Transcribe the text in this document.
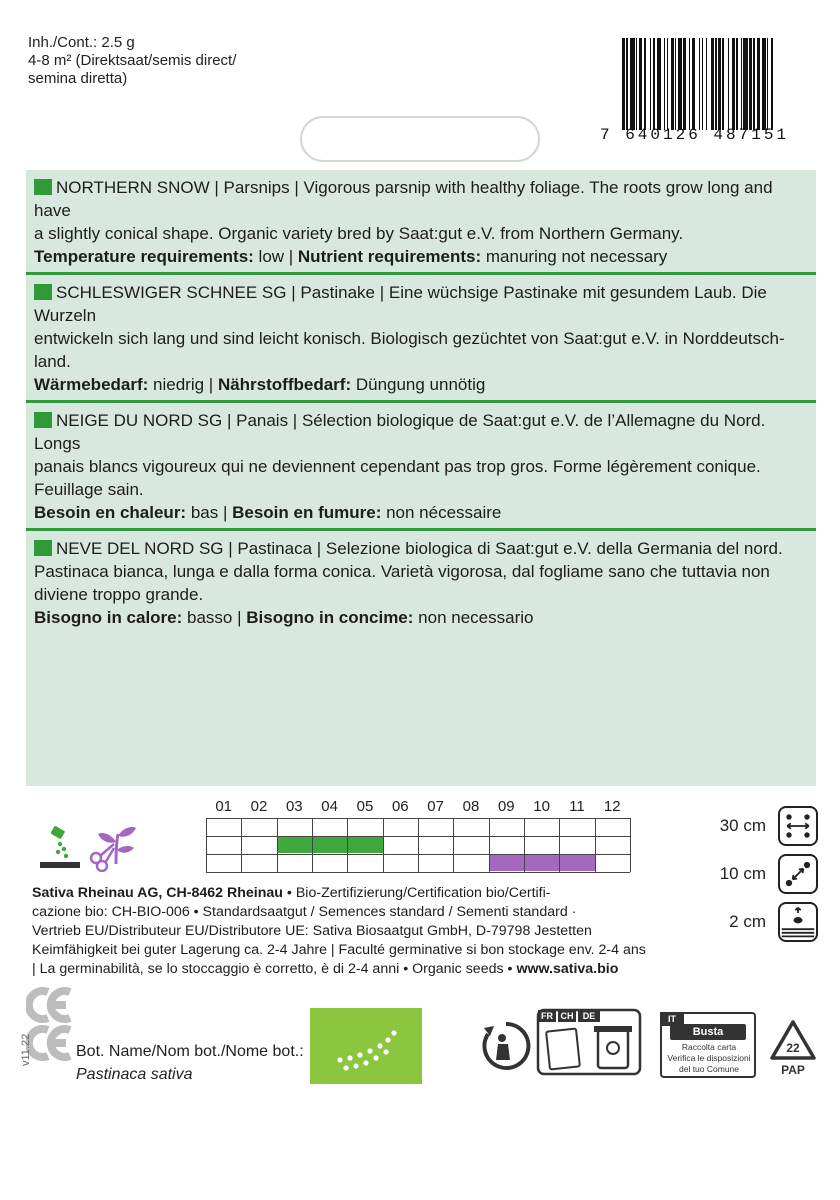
Inh./Cont.: 2.5 g
4-8 m² (Direktsaat/semis direct/
semina diretta)
7 640126 487151
NORTHERN SNOW | Parsnips | Vigorous parsnip with healthy foliage. The roots grow long and have
a slightly conical shape. Organic variety bred by Saat:gut e.V. from Northern Germany.
Temperature requirements: low | Nutrient requirements: manuring not necessary
SCHLESWIGER SCHNEE SG | Pastinake | Eine wüchsige Pastinake mit gesundem Laub. Die Wurzeln
entwickeln sich lang und sind leicht konisch. Biologisch gezüchtet von Saat:gut e.V. in Norddeutsch-
land.
Wärmebedarf: niedrig | Nährstoffbedarf: Düngung unnötig
NEIGE DU NORD SG | Panais | Sélection biologique de Saat:gut e.V. de l’Allemagne du Nord. Longs
panais blancs vigoureux qui ne deviennent cependant pas trop gros. Forme légèrement conique.
Feuillage sain.
Besoin en chaleur: bas | Besoin en fumure: non nécessaire
NEVE DEL NORD SG | Pastinaca | Selezione biologica di Saat:gut e.V. della Germania del nord.
Pastinaca bianca, lunga e dalla forma conica. Varietà vigorosa, dal fogliame sano che tuttavia non
diviene troppo grande.
Bisogno in calore: basso | Bisogno in concime: non necessario
01	02	03	04	05	06	07	08	09	10	11	12
30 cm
10 cm
2 cm
Sativa Rheinau AG, CH-8462 Rheinau • Bio-Zertifizierung/Certification bio/Certifi-
cazione bio: CH-BIO-006 • Standardsaatgut / Semences standard / Sementi standard ·
Vertrieb EU/Distributeur EU/Distributore UE: Sativa Biosaatgut GmbH, D-79798 Jestetten
Keimfähigkeit bei guter Lagerung ca. 2-4 Jahre | Faculté germinative si bon stockage env. 2-4 ans
| La germinabilità, se lo stoccaggio è corretto, è di 2-4 anni • Organic seeds • www.sativa.bio
v11.22	Bot. Name/Nom bot./Nome bot.:
Pastinaca sativa
FR CH DE	IT
Busta
Raccolta carta
Verifica le disposizioni
del tuo Comune
22
PAP
